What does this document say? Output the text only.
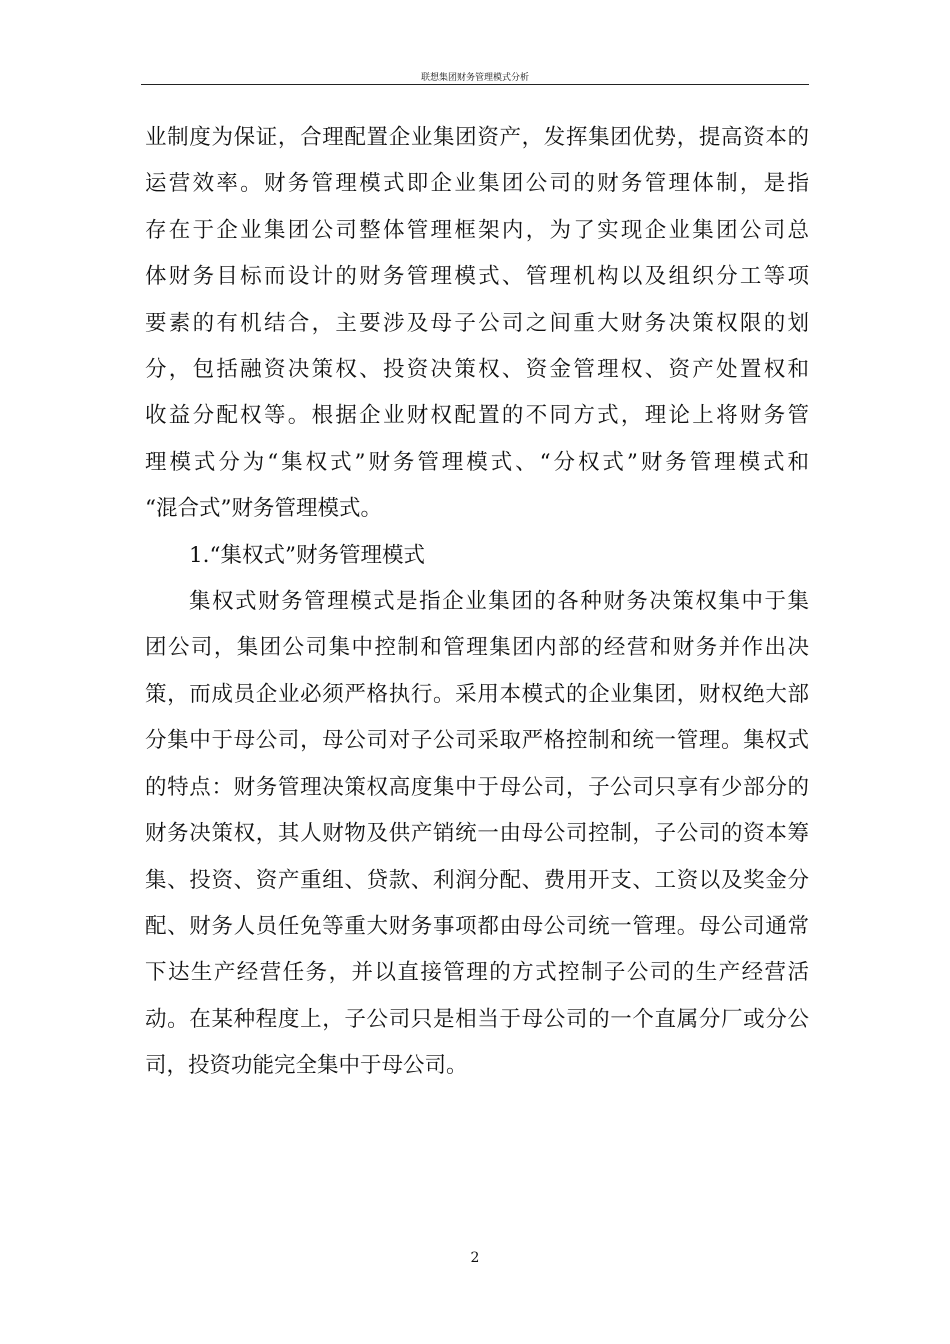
联想集团财务管理模式分析
业制度为保证，合理配置企业集团资产，发挥集团优势，提高资本的
运营效率。财务管理模式即企业集团公司的财务管理体制，是指
存在于企业集团公司整体管理框架内，为了实现企业集团公司总
体财务目标而设计的财务管理模式、管理机构以及组织分工等项
要素的有机结合，主要涉及母子公司之间重大财务决策权限的划
分，包括融资决策权、投资决策权、资金管理权、资产处置权和
收益分配权等。根据企业财权配置的不同方式，理论上将财务管
理模式分为“集权式”财务管理模式、“分权式”财务管理模式和
“混合式”财务管理模式。
1.“集权式”财务管理模式
集权式财务管理模式是指企业集团的各种财务决策权集中于集
团公司，集团公司集中控制和管理集团内部的经营和财务并作出决
策，而成员企业必须严格执行。采用本模式的企业集团，财权绝大部
分集中于母公司，母公司对子公司采取严格控制和统一管理。集权式
的特点：财务管理决策权高度集中于母公司，子公司只享有少部分的
财务决策权，其人财物及供产销统一由母公司控制，子公司的资本筹
集、投资、资产重组、贷款、利润分配、费用开支、工资以及奖金分
配、财务人员任免等重大财务事项都由母公司统一管理。母公司通常
下达生产经营任务，并以直接管理的方式控制子公司的生产经营活
动。在某种程度上，子公司只是相当于母公司的一个直属分厂或分公
司，投资功能完全集中于母公司。
2
